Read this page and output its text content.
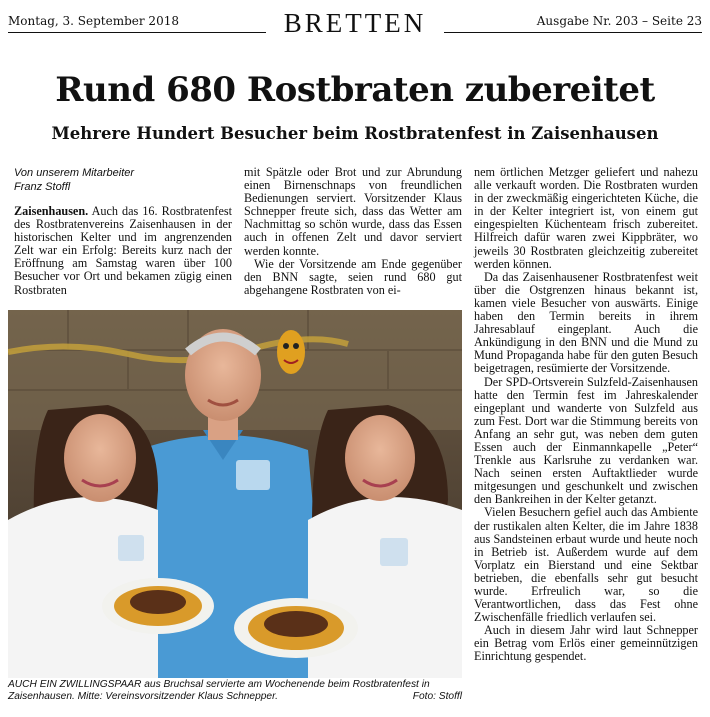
Montag, 3. September 2018	BRETTEN	Ausgabe Nr. 203 – Seite 23
Rund 680 Rostbraten zubereitet
Mehrere Hundert Besucher beim Rostbratenfest in Zaisenhausen
Von unserem Mitarbeiter
Franz Stoffl

Zaisenhausen. Auch das 16. Rostbratenfest des Rostbratenvereins Zaisenhausen in der historischen Kelter und im angrenzenden Zelt war ein Erfolg: Bereits kurz nach der Eröffnung am Samstag waren über 100 Besucher vor Ort und bekamen zügig einen Rostbraten

mit Spätzle oder Brot und zur Abrundung einen Birnenschnaps von freundlichen Bedienungen serviert. Vorsitzender Klaus Schnepper freute sich, dass das Wetter am Nachmittag so schön wurde, dass das Essen auch in offenen Zelt und davor serviert werden konnte.

Wie der Vorsitzende am Ende gegenüber den BNN sagte, seien rund 680 gut abgehangene Rostbraten von ei-

nem örtlichen Metzger geliefert und nahezu alle verkauft worden. Die Rostbraten wurden in der zweckmäßig eingerichteten Küche, die in der Kelter integriert ist, von einem gut eingespielten Küchenteam frisch zubereitet. Hilfreich dafür waren zwei Kippbräter, wo jeweils 30 Rostbraten gleichzeitig zubereitet werden können.

Da das Zaisenhausener Rostbratenfest weit über die Ostgrenzen hinaus bekannt ist, kamen viele Besucher von auswärts. Einige haben den Termin bereits in ihrem Jahresablauf eingeplant. Auch die Ankündigung in den BNN und die Mund zu Mund Propaganda habe für den guten Besuch beigetragen, resümierte der Vorsitzende.

Der SPD-Ortsverein Sulzfeld-Zaisenhausen hatte den Termin fest im Jahreskalender eingeplant und wanderte von Sulzfeld aus zum Fest. Dort war die Stimmung bereits von Anfang an sehr gut, was neben dem guten Essen auch der Einmannkapelle „Peter“ Trenkle aus Karlsruhe zu verdanken war. Nach seinen ersten Auftaktlieder wurde mitgesungen und geschunkelt und zwischen den Bankreihen in der Kelter getanzt.

Vielen Besuchern gefiel auch das Ambiente der rustikalen alten Kelter, die im Jahre 1838 aus Sandsteinen erbaut wurde und heute noch in Betrieb ist. Außerdem wurde auf dem Vorplatz ein Bierstand und eine Sektbar betrieben, die ebenfalls sehr gut besucht wurde. Erfreulich war, so die Verantwortlichen, dass das Fest ohne Zwischenfälle friedlich verlaufen sei.

Auch in diesem Jahr wird laut Schnepper ein Betrag vom Erlös einer gemeinnützigen Einrichtung gespendet.

AUCH EIN ZWILLINGSPAAR aus Bruchsal servierte am Wochenende beim Rostbratenfest in Zaisenhausen. Mitte: Vereinsvorsitzender Klaus Schnepper.	Foto: Stoffl
